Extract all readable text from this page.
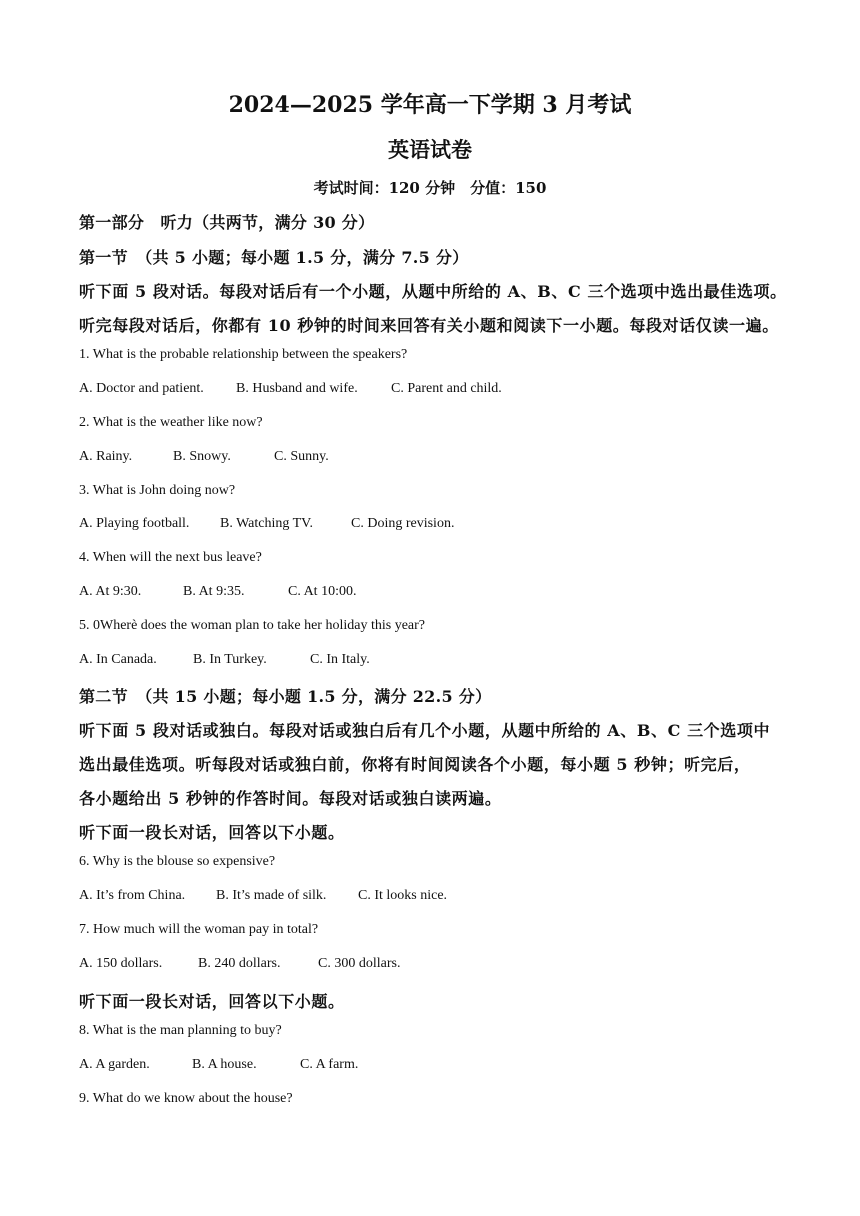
2024—2025 学年高一下学期 3 月考试
英语试卷
考试时间：120 分钟　分值：150
第一部分　听力（共两节，满分 30 分）
第一节　（共 5 小题；每小题 1.5 分，满分 7.5 分）
听下面 5 段对话。每段对话后有一个小题，从题中所给的 A、B、C 三个选项中选出最佳选项。
听完每段对话后，你都有 10 秒钟的时间来回答有关小题和阅读下一小题。每段对话仅读一遍。
1. What is the probable relationship between the speakers?
A. Doctor and patient.	B. Husband and wife.	C. Parent and child.
2. What is the weather like now?
A. Rainy.	B. Snowy.	C. Sunny.
3. What is John doing now?
A. Playing football.	B. Watching TV.	C. Doing revision.
4. When will the next bus leave?
A. At 9:30.	B. At 9:35.	C. At 10:00.
5. 0Wherè does the woman plan to take her holiday this year?
A. In Canada.	B. In Turkey.	C. In Italy.
第二节　（共 15 小题；每小题 1.5 分，满分 22.5 分）
听下面 5 段对话或独白。每段对话或独白后有几个小题，从题中所给的 A、B、C 三个选项中
选出最佳选项。听每段对话或独白前，你将有时间阅读各个小题，每小题 5 秒钟；听完后，
各小题给出 5 秒钟的作答时间。每段对话或独白读两遍。
听下面一段长对话，回答以下小题。
6. Why is the blouse so expensive?
A. It’s from China.	B. It’s made of silk.	C. It looks nice.
7. How much will the woman pay in total?
A. 150 dollars.	B. 240 dollars.	C. 300 dollars.
听下面一段长对话，回答以下小题。
8. What is the man planning to buy?
A. A garden.	B. A house.	C. A farm.
9. What do we know about the house?
